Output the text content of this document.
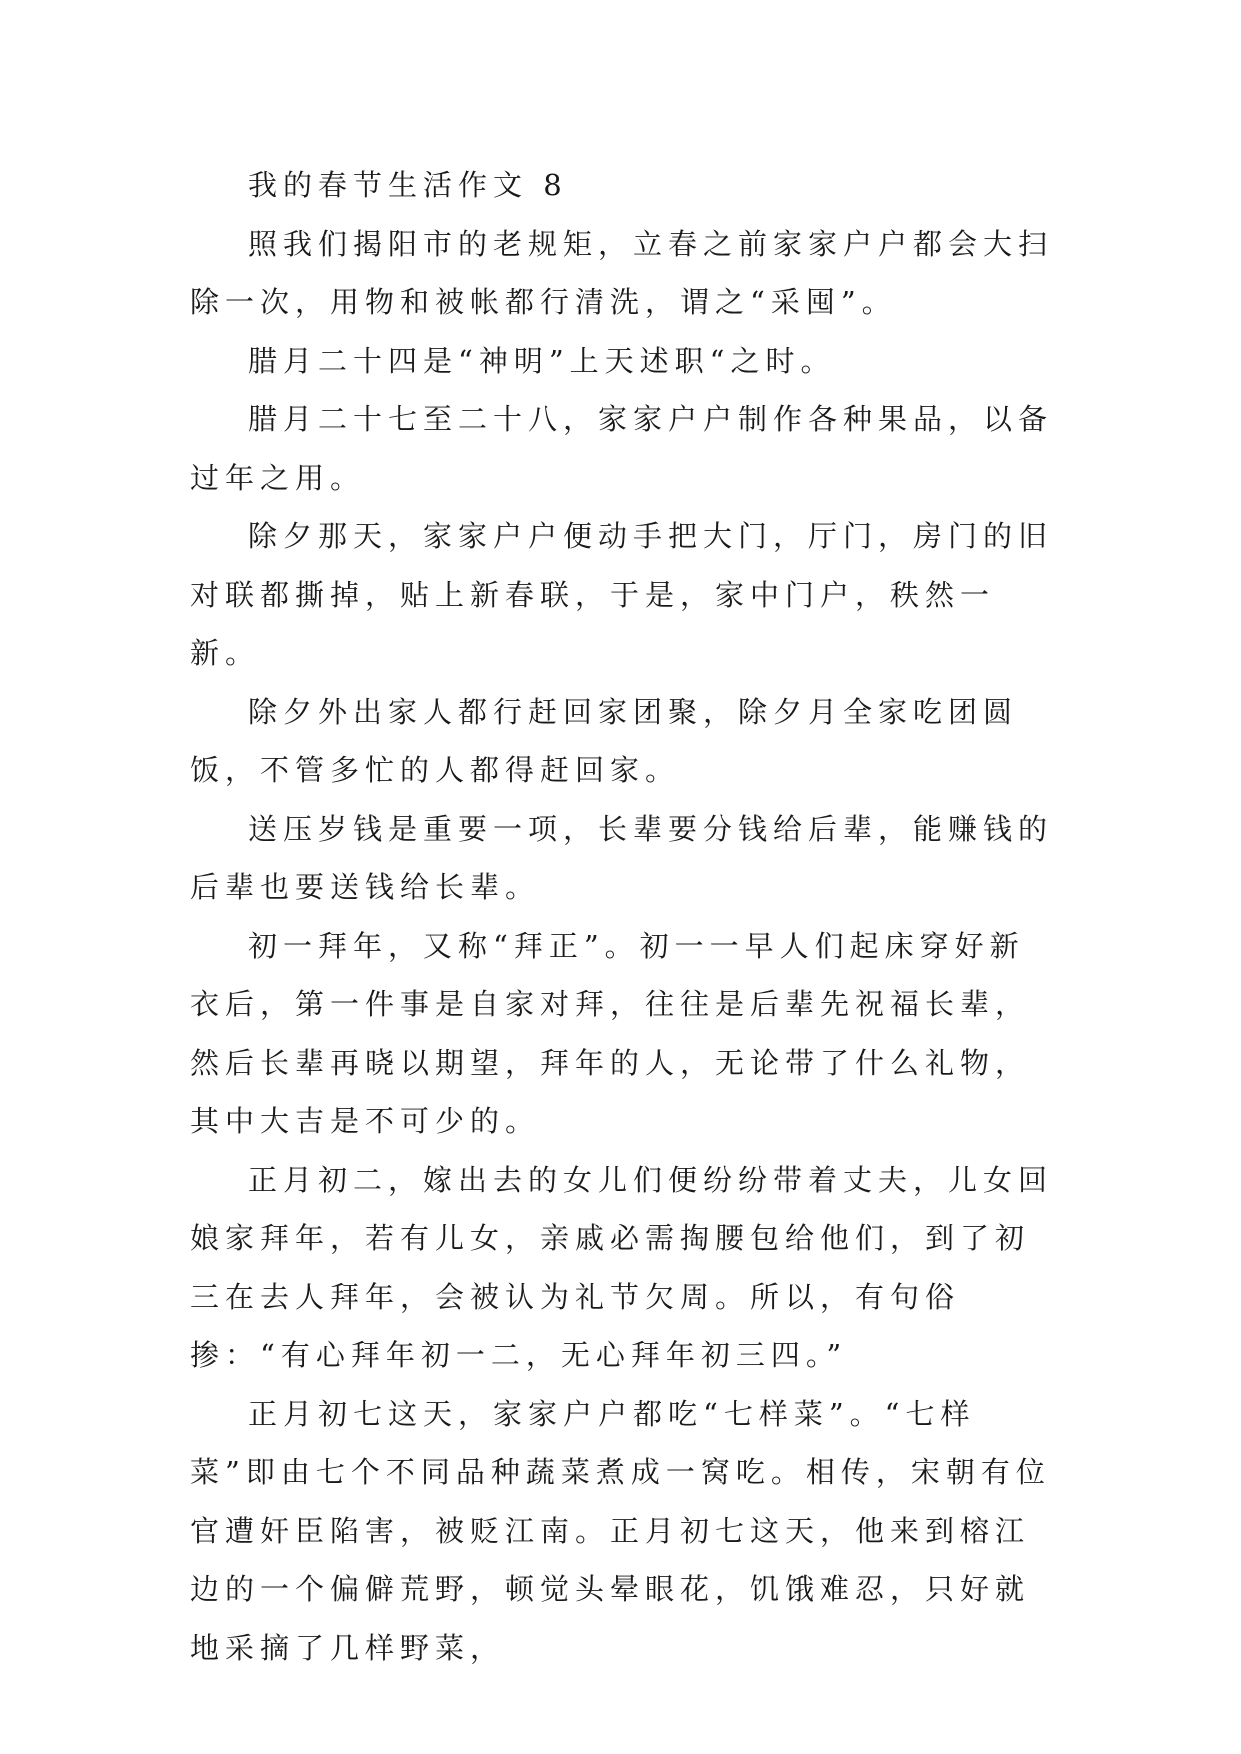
我的春节生活作文 8

照我们揭阳市的老规矩，立春之前家家户户都会大扫除一次，用物和被帐都行清洗，谓之“采囤”。

腊月二十四是“神明”上天述职“之时。

腊月二十七至二十八，家家户户制作各种果品，以备过年之用。

除夕那天，家家户户便动手把大门，厅门，房门的旧对联都撕掉，贴上新春联，于是，家中门户，秩然一新。

除夕外出家人都行赶回家团聚，除夕月全家吃团圆饭，不管多忙的人都得赶回家。

送压岁钱是重要一项，长辈要分钱给后辈，能赚钱的后辈也要送钱给长辈。

初一拜年，又称“拜正”。初一一早人们起床穿好新衣后，第一件事是自家对拜，往往是后辈先祝福长辈，然后长辈再晓以期望，拜年的人，无论带了什么礼物，其中大吉是不可少的。

正月初二，嫁出去的女儿们便纷纷带着丈夫，儿女回娘家拜年，若有儿女，亲戚必需掏腰包给他们，到了初三在去人拜年，会被认为礼节欠周。所以，有句俗掺：“有心拜年初一二，无心拜年初三四。”

正月初七这天，家家户户都吃“七样菜”。“七样菜”即由七个不同品种蔬菜煮成一窝吃。相传，宋朝有位官遭奸臣陷害，被贬江南。正月初七这天，他来到榕江边的一个偏僻荒野，顿觉头晕眼花，饥饿难忍，只好就地采摘了几样野菜，
